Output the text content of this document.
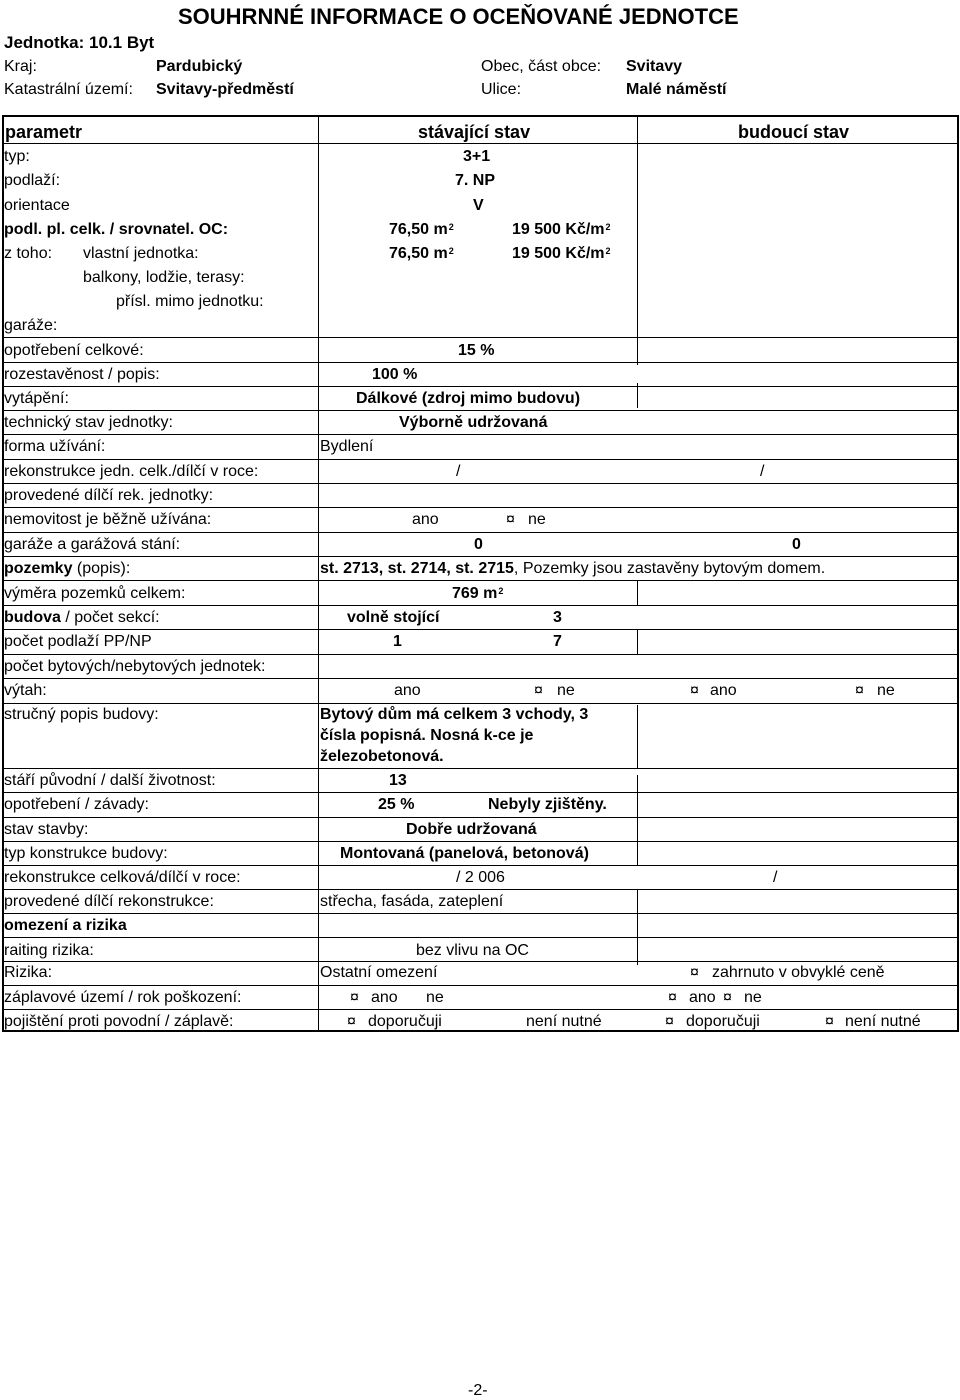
SOUHRNNÉ INFORMACE O OCEŇOVANÉ JEDNOTCE
Jednotka: 10.1 Byt
Kraj:	Pardubický	Obec, část obce: Svitavy
Katastrální území: Svitavy-předměstí	Ulice:	Malé náměstí
parametr	stávající stav	budoucí stav
typ:	3+1
podlaží:	7. NP
orientace	V
podl. pl. celk. / srovnatel. OC:	76,50 $m^2$	19 500 $Kč/m^2$
z toho: vlastní jednotka:	76,50 $m^2$	19 500 $Kč/m^2$
balkony, lodžie, terasy:
přísl. mimo jednotku:
garáže:
opotřebení celkové:	15 %
rozestavěnost / popis:	100 %
vytápění:	Dálkové (zdroj mimo budovu)
technický stav jednotky:	Výborně udržovaná
forma užívání:	Bydlení
rekonstrukce jedn. celk./dílčí v roce:	/	/
provedené dílčí rek. jednotky:
nemovitost je běžně užívána:	ano	¤ ne
garáže a garážová stání:	0	0
pozemky (popis):	st. 2713, st. 2714, st. 2715, Pozemky jsou zastavěny bytovým domem.
výměra pozemků celkem:	769 $m^2$
budova / počet sekcí:	volně stojící	3
počet podlaží PP/NP	1	7
počet bytových/nebytových jednotek:
výtah:	ano	¤ ne	¤ ano	¤ ne
stručný popis budovy:	Bytový dům má celkem 3 vchody, 3 čísla popisná. Nosná k-ce je železobetonová.
stáří původní / další životnost:	13
opotřebení / závady:	25 %	Nebyly zjištěny.
stav stavby:	Dobře udržovaná
typ konstrukce budovy:	Montovaná (panelová, betonová)
rekonstrukce celková/dílčí v roce:	/ 2 006	/
provedené dílčí rekonstrukce:	střecha, fasáda, zateplení
omezení a rizika
raiting rizika:	bez vlivu na OC
Rizika:	Ostatní omezení	¤ zahrnuto v obvyklé ceně
záplavové území / rok poškození:	¤ ano ne	¤ ano ¤ ne
pojištění proti povodní / záplavě:	¤ doporučuji	není nutné	¤ doporučuji	¤ není nutné
-2-
